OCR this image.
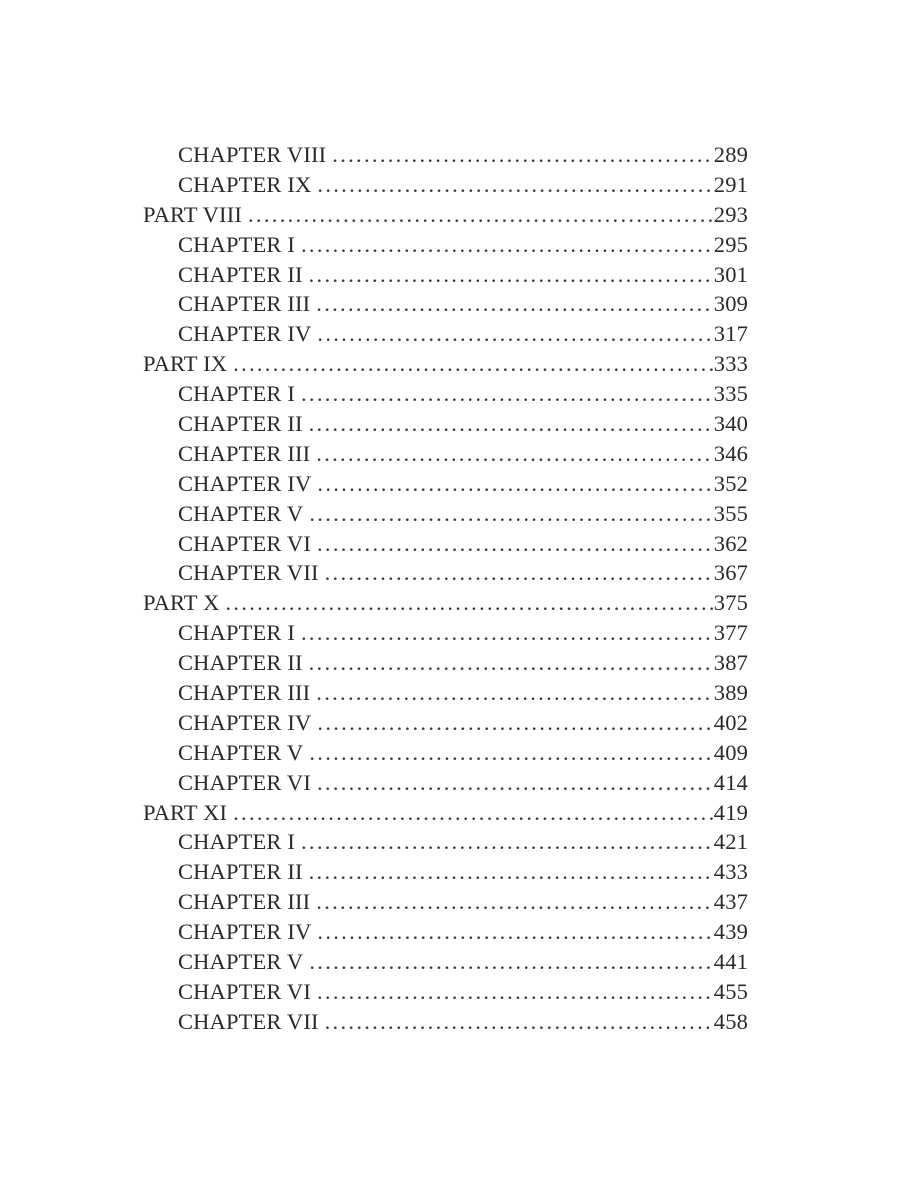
CHAPTER VIII .....	289
CHAPTER IX .....	291
PART VIII .....	293
CHAPTER I .....	295
CHAPTER II .....	301
CHAPTER III .....	309
CHAPTER IV .....	317
PART IX .....	333
CHAPTER I .....	335
CHAPTER II .....	340
CHAPTER III .....	346
CHAPTER IV .....	352
CHAPTER V .....	355
CHAPTER VI .....	362
CHAPTER VII .....	367
PART X .....	375
CHAPTER I .....	377
CHAPTER II .....	387
CHAPTER III .....	389
CHAPTER IV .....	402
CHAPTER V .....	409
CHAPTER VI .....	414
PART XI .....	419
CHAPTER I .....	421
CHAPTER II .....	433
CHAPTER III .....	437
CHAPTER IV .....	439
CHAPTER V .....	441
CHAPTER VI .....	455
CHAPTER VII .....	458
